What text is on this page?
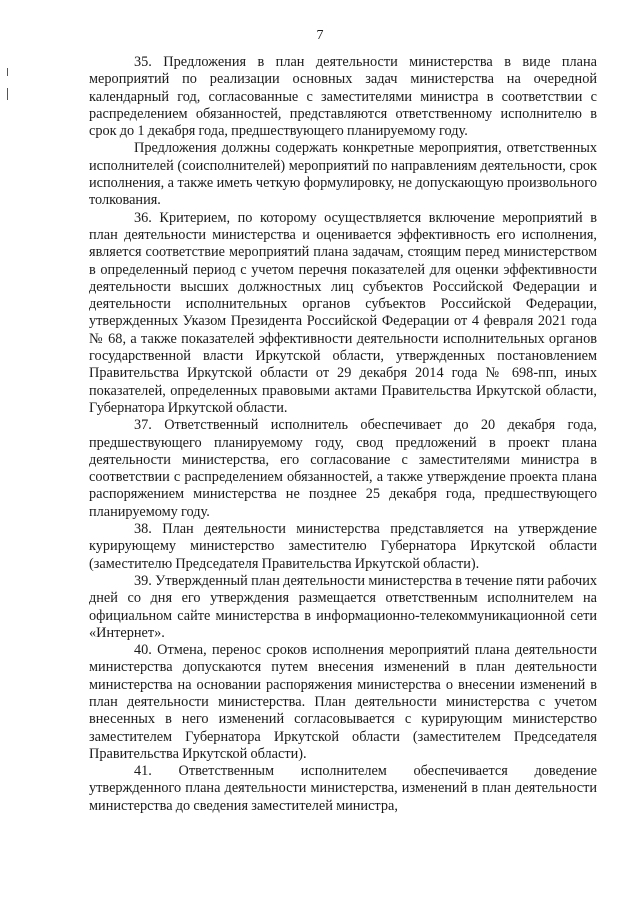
7

35. Предложения в план деятельности министерства в виде плана мероприятий по реализации основных задач министерства на очередной календарный год, согласованные с заместителями министра в соответствии с распределением обязанностей, представляются ответственному исполнителю в срок до 1 декабря года, предшествующего планируемому году.

Предложения должны содержать конкретные мероприятия, ответственных исполнителей (соисполнителей) мероприятий по направлениям деятельности, срок исполнения, а также иметь четкую формулировку, не допускающую произвольного толкования.

36. Критерием, по которому осуществляется включение мероприятий в план деятельности министерства и оценивается эффективность его исполнения, является соответствие мероприятий плана задачам, стоящим перед министерством в определенный период с учетом перечня показателей для оценки эффективности деятельности высших должностных лиц субъектов Российской Федерации и деятельности исполнительных органов субъектов Российской Федерации, утвержденных Указом Президента Российской Федерации от 4 февраля 2021 года № 68, а также показателей эффективности деятельности исполнительных органов государственной власти Иркутской области, утвержденных постановлением Правительства Иркутской области от 29 декабря 2014 года № 698-пп, иных показателей, определенных правовыми актами Правительства Иркутской области, Губернатора Иркутской области.

37. Ответственный исполнитель обеспечивает до 20 декабря года, предшествующего планируемому году, свод предложений в проект плана деятельности министерства, его согласование с заместителями министра в соответствии с распределением обязанностей, а также утверждение проекта плана распоряжением министерства не позднее 25 декабря года, предшествующего планируемому году.

38. План деятельности министерства представляется на утверждение курирующему министерство заместителю Губернатора Иркутской области (заместителю Председателя Правительства Иркутской области).

39. Утвержденный план деятельности министерства в течение пяти рабочих дней со дня его утверждения размещается ответственным исполнителем на официальном сайте министерства в информационно-телекоммуникационной сети «Интернет».

40. Отмена, перенос сроков исполнения мероприятий плана деятельности министерства допускаются путем внесения изменений в план деятельности министерства на основании распоряжения министерства о внесении изменений в план деятельности министерства. План деятельности министерства с учетом внесенных в него изменений согласовывается с курирующим министерство заместителем Губернатора Иркутской области (заместителем Председателя Правительства Иркутской области).

41. Ответственным исполнителем обеспечивается доведение утвержденного плана деятельности министерства, изменений в план деятельности министерства до сведения заместителей министра,
